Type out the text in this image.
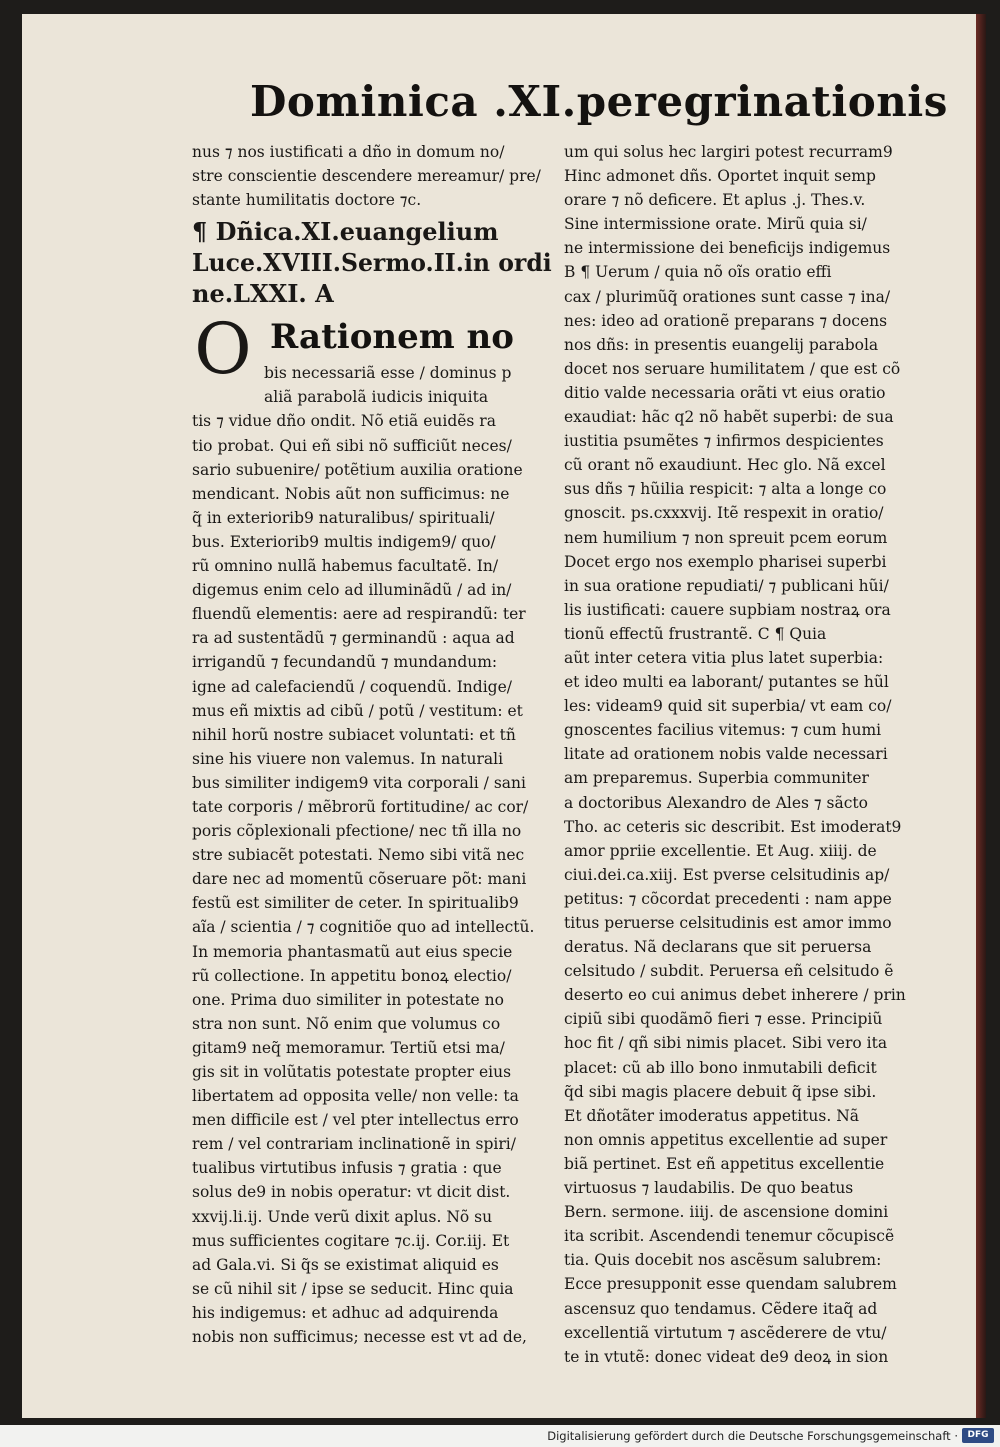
Dominica .XI.peregrinationis
nus ⁊ nos iustificati a dño in domum no/
stre conscientie descendere mereamur/ pre/
stante humilitatis doctore ⁊c.
¶ Dñica.XI.euangelium
Luce.XVIII.Sermo.II.in ordi
ne.LXXI. A
O Rationem no
bis necessariã esse / dominus p
aliã parabolã iudicis iniquita
tis ⁊ vidue dño ondit. Nõ etiã euidẽs ra
tio probat. Qui eñ sibi nõ sufficiũt neces/
sario subuenire/ potẽtium auxilia oratione
mendicant. Nobis aũt non sufficimus: ne
q̃ in exteriorib9 naturalibus/ spirituali/
bus. Exteriorib9 multis indigem9/ quo/
rũ omnino nullã habemus facultatẽ. In/
digemus enim celo ad illuminãdũ / ad in/
fluendũ elementis: aere ad respirandũ: ter
ra ad sustentãdũ ⁊ germinandũ : aqua ad
irrigandũ ⁊ fecundandũ ⁊ mundandum:
igne ad calefaciendũ / coquendũ. Indige/
mus eñ mixtis ad cibũ / potũ / vestitum: et
nihil horũ nostre subiacet voluntati: et tñ
sine his viuere non valemus. In naturali
bus similiter indigem9 vita corporali / sani
tate corporis / mẽbrorũ fortitudine/ ac cor/
poris cõplexionali pfectione/ nec tñ illa no
stre subiacẽt potestati. Nemo sibi vitã nec
dare nec ad momentũ cõseruare põt: mani
festũ est similiter de ceter. In spiritualib9
aĩa / scientia / ⁊ cognitiõe quo ad intellectũ.
In memoria phantasmatũ aut eius specie
rũ collectione. In appetitu bonoꝝ electio/
one. Prima duo similiter in potestate no
stra non sunt. Nõ enim que volumus co
gitam9 neq̃ memoramur. Tertiũ etsi ma/
gis sit in volũtatis potestate propter eius
libertatem ad opposita velle/ non velle: ta
men difficile est / vel pter intellectus erro
rem / vel contrariam inclinationẽ in spiri/
tualibus virtutibus infusis ⁊ gratia : que
solus de9 in nobis operatur: vt dicit dist.
xxvij.li.ij. Unde verũ dixit aplus. Nõ su
mus sufficientes cogitare ⁊c.ij. Cor.iij. Et
ad Gala.vi. Si q̃s se existimat aliquid es
se cũ nihil sit / ipse se seducit. Hinc quia
his indigemus: et adhuc ad adquirenda
nobis non sufficimus; necesse est vt ad de,
um qui solus hec largiri potest recurram9
Hinc admonet dñs. Oportet inquit semp
orare ⁊ nõ deficere. Et aplus .j. Thes.v.
Sine intermissione orate. Mirũ quia si/
ne intermissione dei beneficijs indigemus
B ¶ Uerum / quia nõ oĩs oratio effi
cax / plurimũq̃ orationes sunt casse ⁊ ina/
nes: ideo ad orationẽ preparans ⁊ docens
nos dñs: in presentis euangelij parabola
docet nos seruare humilitatem / que est cõ
ditio valde necessaria orãti vt eius oratio
exaudiat: hãc q2 nõ habẽt superbi: de sua
iustitia psumẽtes ⁊ infirmos despicientes
cũ orant nõ exaudiunt. Hec glo. Nã excel
sus dñs ⁊ hũilia respicit: ⁊ alta a longe co
gnoscit. ps.cxxxvij. Itẽ respexit in oratio/
nem humilium ⁊ non spreuit pcem eorum
Docet ergo nos exemplo pharisei superbi
in sua oratione repudiati/ ⁊ publicani hũi/
lis iustificati: cauere supbiam nostraꝝ ora
tionũ effectũ frustrantẽ. C ¶ Quia
aũt inter cetera vitia plus latet superbia:
et ideo multi ea laborant/ putantes se hũl
les: videam9 quid sit superbia/ vt eam co/
gnoscentes facilius vitemus: ⁊ cum humi
litate ad orationem nobis valde necessari
am preparemus. Superbia communiter
a doctoribus Alexandro de Ales ⁊ sãcto
Tho. ac ceteris sic describit. Est imoderat9
amor ppriie excellentie. Et Aug. xiiij. de
ciui.dei.ca.xiij. Est pverse celsitudinis ap/
petitus: ⁊ cõcordat precedenti : nam appe
titus peruerse celsitudinis est amor immo
deratus. Nã declarans que sit peruersa
celsitudo / subdit. Peruersa eñ celsitudo ẽ
deserto eo cui animus debet inherere / prin
cipiũ sibi quodãmõ fieri ⁊ esse. Principiũ
hoc fit / qñ sibi nimis placet. Sibi vero ita
placet: cũ ab illo bono inmutabili deficit
q̃d sibi magis placere debuit q̃ ipse sibi.
Et dñotãter imoderatus appetitus. Nã
non omnis appetitus excellentie ad super
biã pertinet. Est eñ appetitus excellentie
virtuosus ⁊ laudabilis. De quo beatus
Bern. sermone. iiij. de ascensione domini
ita scribit. Ascendendi tenemur cõcupiscẽ
tia. Quis docebit nos ascẽsum salubrem:
Ecce presupponit esse quendam salubrem
ascensuz quo tendamus. Cẽdere itaq̃ ad
excellentiã virtutum ⁊ ascẽderere de vtu/
te in vtutẽ: donec videat de9 deoꝝ in sion
Digitalisierung gefördert durch die Deutsche Forschungsgemeinschaft ·	DFG
